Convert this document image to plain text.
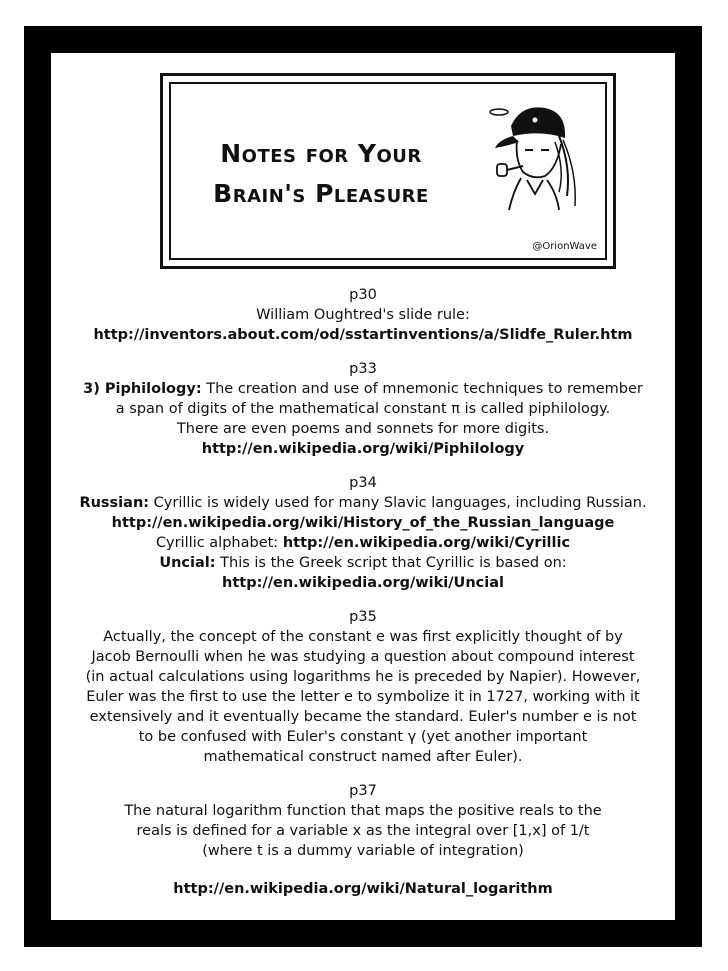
Notes for Your
Brain's Pleasure
@OrionWave
p30
William Oughtred's slide rule:
http://inventors.about.com/od/sstartinventions/a/Slidfe_Ruler.htm
p33
3) Piphilology: The creation and use of mnemonic techniques to remember
a span of digits of the mathematical constant π is called piphilology.
There are even poems and sonnets for more digits.
http://en.wikipedia.org/wiki/Piphilology
p34
Russian: Cyrillic is widely used for many Slavic languages, including Russian.
http://en.wikipedia.org/wiki/History_of_the_Russian_language
Cyrillic alphabet: http://en.wikipedia.org/wiki/Cyrillic
Uncial: This is the Greek script that Cyrillic is based on:
http://en.wikipedia.org/wiki/Uncial
p35
Actually, the concept of the constant e was first explicitly thought of by
Jacob Bernoulli when he was studying a question about compound interest
(in actual calculations using logarithms he is preceded by Napier). However,
Euler was the first to use the letter e to symbolize it in 1727, working with it
extensively and it eventually became the standard. Euler's number e is not
to be confused with Euler's constant γ (yet another important
mathematical construct named after Euler).
p37
The natural logarithm function that maps the positive reals to the
reals is defined for a variable x as the integral over [1,x] of 1/t
(where t is a dummy variable of integration)
http://en.wikipedia.org/wiki/Natural_logarithm
